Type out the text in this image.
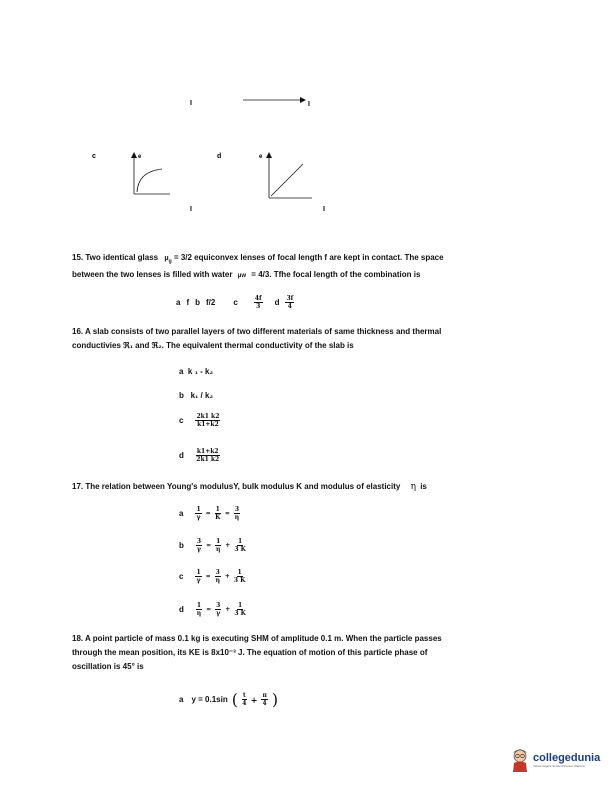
I	I
c	e
I
d	e
I
15. Two identical glass $\mu_g = 3/2$ equiconvex lenses of focal length f are kept in contact. The space
between the two lenses is filled with water μw = 4/3. Tfhe focal length of the combination is
a f b f/2 c	$\frac{4f}{3}$ d $\frac{3f}{4}$
16. A slab consists of two parallel layers of two different materials of same thickness and thermal
conductivies ℜ₁ and ℜ₂. The equivalent thermal conductivity of the slab is
a k ₁ - k₂
b k₁ / k₂
c $\frac{2k1 k2}{k1+k2}$
d $\frac{k1+k2}{2k1 k2}$
17. The relation between Young's modulusY, bulk modulus K and modulus of elasticity η is
a $\frac{1}{\gamma} = \frac{1}{K} = \frac{3}{\eta}$
b $\frac{3}{\gamma} = \frac{1}{\eta} + \frac{1}{3 K}$
c $\frac{1}{\gamma} = \frac{3}{\eta} + \frac{1}{3 K}$
d $\frac{1}{\eta} = \frac{3}{\gamma} + \frac{1}{3 K}$
18. A point particle of mass 0.1 kg is executing SHM of amplitude 0.1 m. When the particle passes
through the mean position, its KE is 8x10⁻³ J. The equation of motion of this particle phase of
oscillation is 45° is
a y = 0.1sin ( $\frac{t}{4} + \frac{\pi}{4}$ )
collegedunia
India's largest Student Review Platform
